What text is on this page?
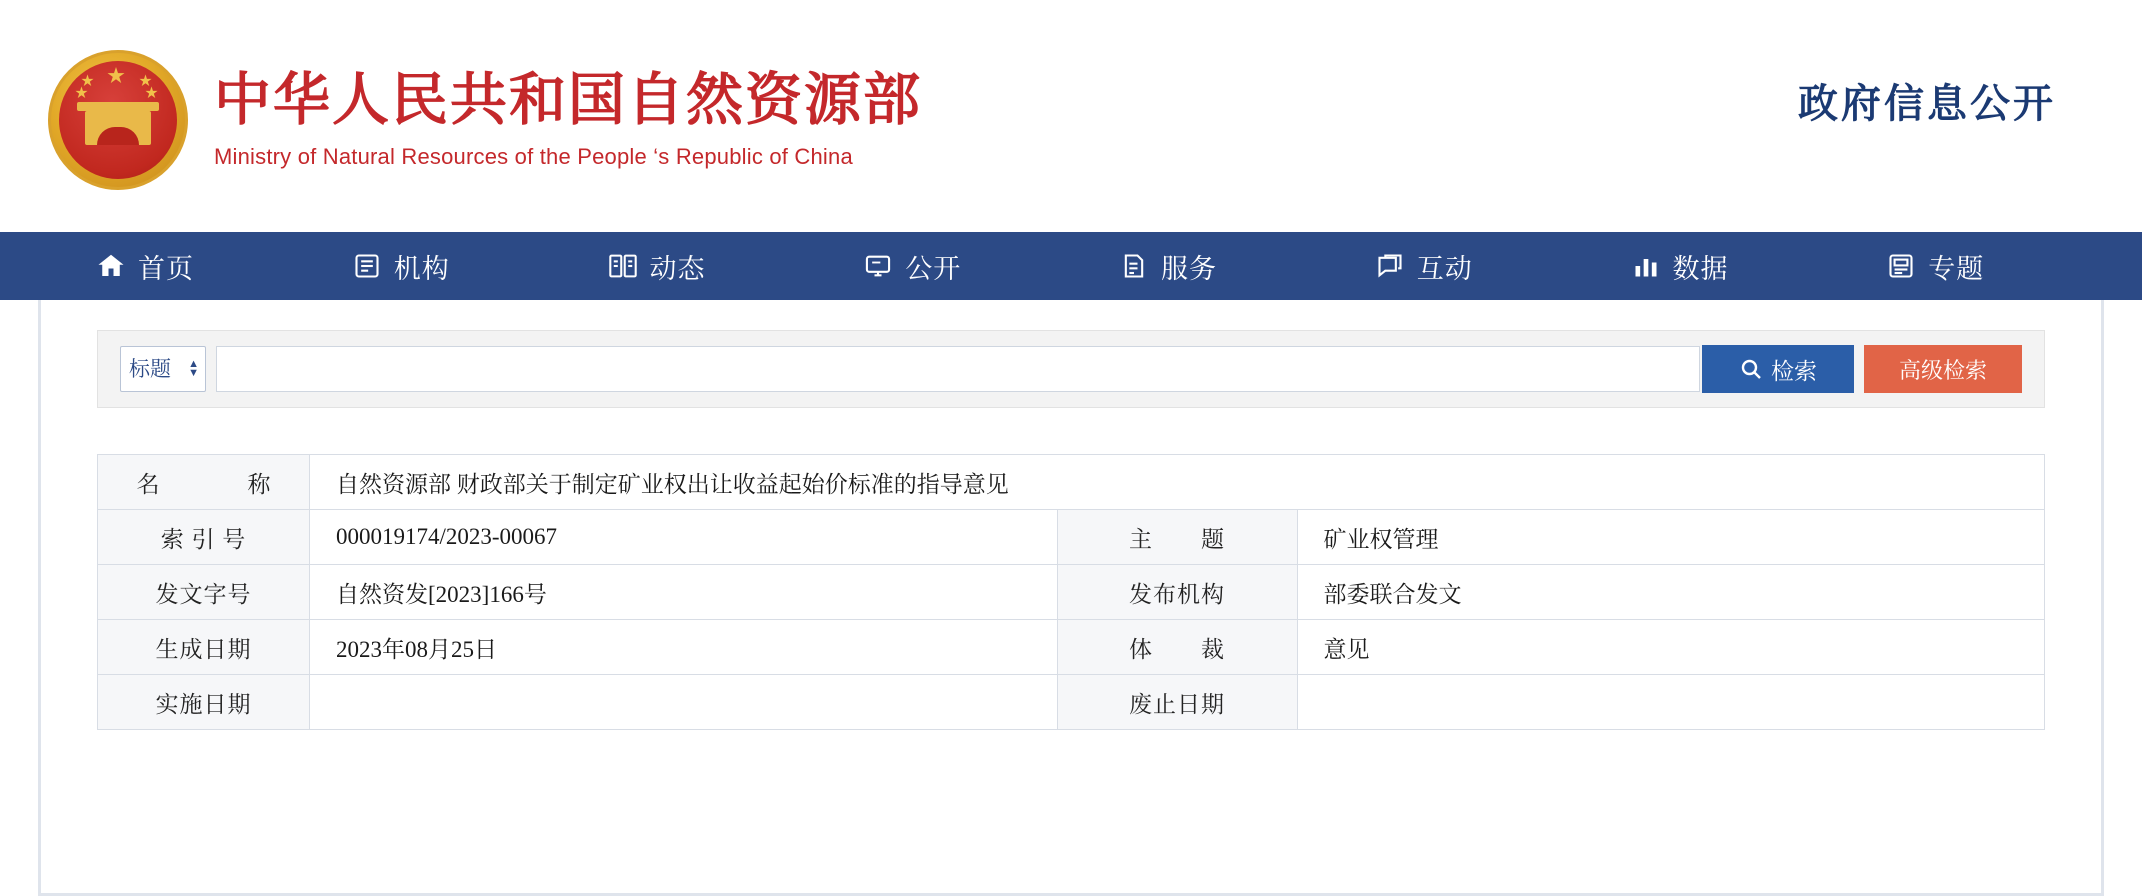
★
★
★
★
★ 中华人民共和国自然资源部
Ministry of Natural Resources of the People ‘s Republic of China
政府信息公开
首页	机构	动态	公开	服务	互动	数据	专题
标题
▲
▼	检索	高级检索
名　　称	自然资源部 财政部关于制定矿业权出让收益起始价标准的指导意见		
索 引 号	000019174/2023-00067	主　　题	矿业权管理
发文字号	自然资发[2023]166号	发布机构	部委联合发文
生成日期	2023年08月25日	体　　裁	意见
实施日期		废止日期	
